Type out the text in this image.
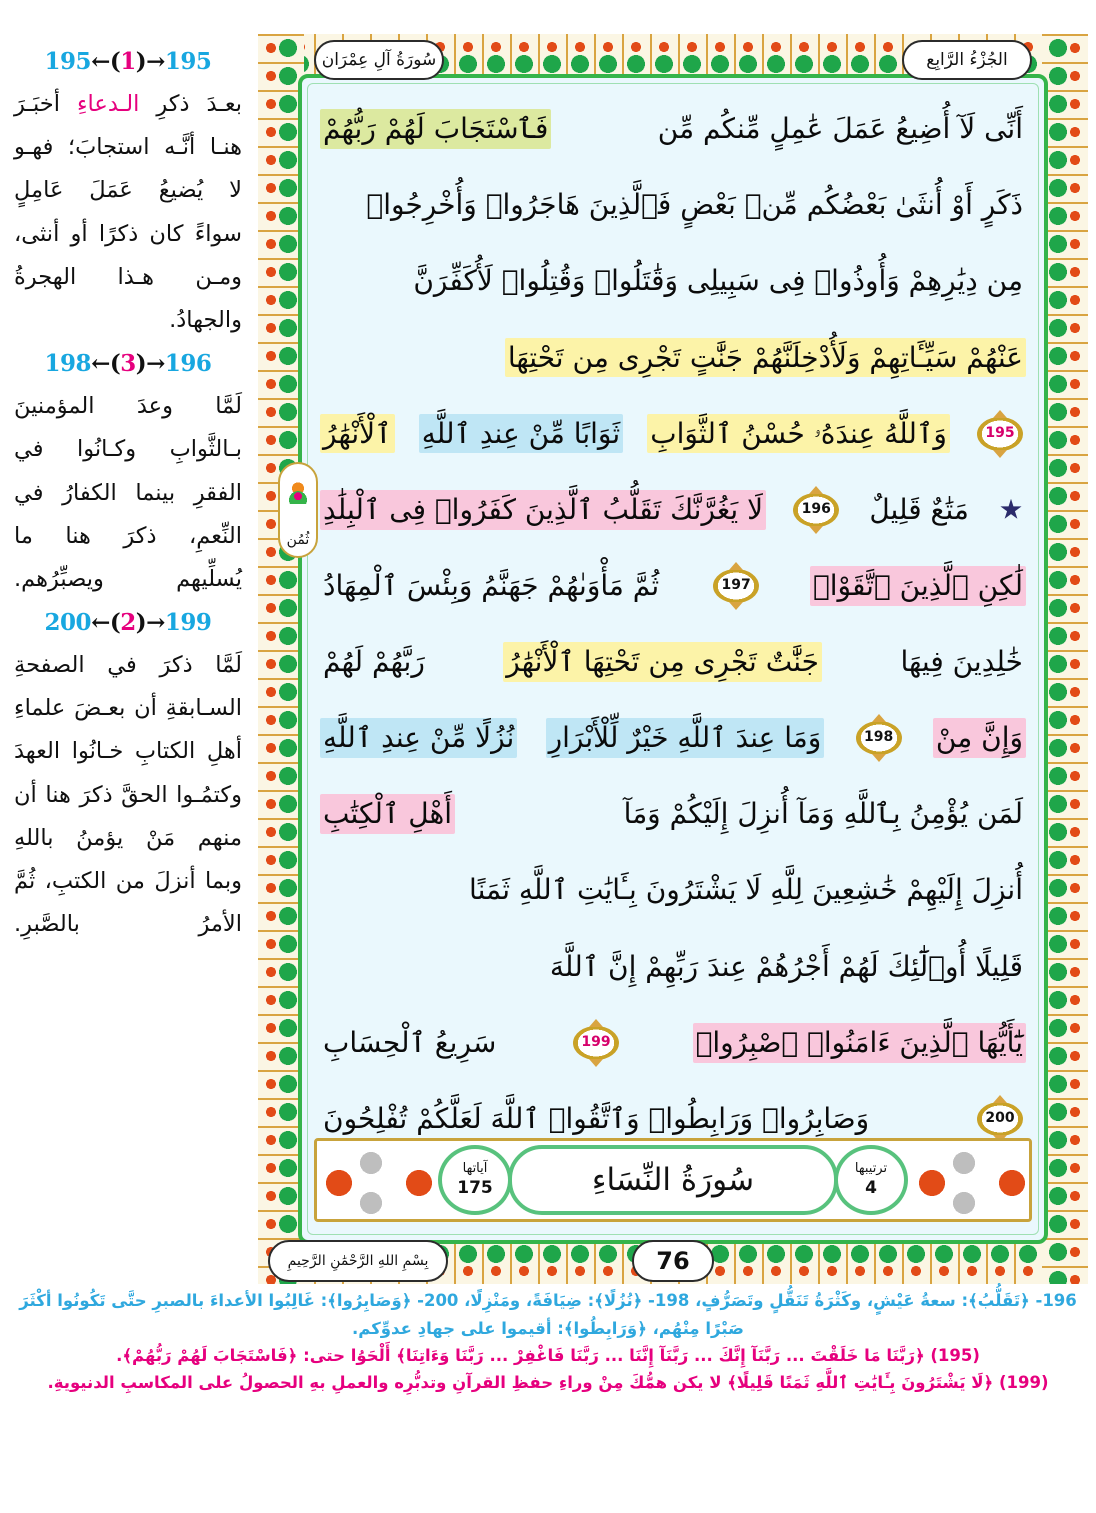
195←(1)→195
بعـدَ ذكرِ الـدعاءِ أخبَـرَ هنـا أنَّـه استجابَ؛ فهـو لا يُضيعُ عَمَلَ عَامِلٍ سواءً كان ذكرًا أو أنثى، ومـن هـذا الهجرةُ والجهادُ.
198←(3)→196
لَمَّا وعدَ المؤمنينَ بـالثَّوابِ وكـانُوا في الفقرِ بينما الكفارُ في النِّعمِ، ذكرَ هنا ما يُسلِّيهم ويصبِّرُهم.
200←(2)→199
لَمَّا ذكرَ في الصفحةِ السـابقةِ أن بعـضَ علماءِ أهلِ الكتابِ خـانُوا العهدَ وكتمُـوا الحقَّ ذكرَ هنا أن منهم مَنْ يؤمنُ باللهِ وبما أنزلَ من الكتبِ، ثُمَّ الأمرُ بالصَّبرِ.
سُورَةُ آلِ عِمْرَان	الجُزْءُ الرَّابِع
أَنِّى لَآ أُضِيعُ عَمَلَ عَٰمِلٍ مِّنكُم مِّن
فَٱسْتَجَابَ لَهُمْ رَبُّهُمْ
ذَكَرٍ أَوْ أُنثَىٰ بَعْضُكُم مِّنۢ بَعْضٍ فَٱلَّذِينَ هَاجَرُوا۟ وَأُخْرِجُوا۟
مِن دِيَٰرِهِمْ وَأُوذُوا۟ فِى سَبِيلِى وَقَٰتَلُوا۟ وَقُتِلُوا۟ لَأُكَفِّرَنَّ
عَنْهُمْ سَيِّـَٔاتِهِمْ وَلَأُدْخِلَنَّهُمْ جَنَّٰتٍ تَجْرِى مِن تَحْتِهَا
195
وَٱللَّهُ عِندَهُۥ حُسْنُ ٱلثَّوَابِ
ثَوَابًا مِّنْ عِندِ ٱللَّهِ
ٱلْأَنْهَٰرُ
مَتَٰعٌ قَلِيلٌ
196
لَا يَغُرَّنَّكَ تَقَلُّبُ ٱلَّذِينَ كَفَرُوا۟ فِى ٱلْبِلَٰدِ
لَٰكِنِ ٱلَّذِينَ ٱتَّقَوْا۟
197
ثُمَّ مَأْوَىٰهُمْ جَهَنَّمُ وَبِئْسَ ٱلْمِهَادُ
خَٰلِدِينَ فِيهَا
جَنَّٰتٌ تَجْرِى مِن تَحْتِهَا ٱلْأَنْهَٰرُ
رَبَّهُمْ لَهُمْ
وَإِنَّ مِنْ
198
وَمَا عِندَ ٱللَّهِ خَيْرٌ لِّلْأَبْرَارِ
نُزُلًا مِّنْ عِندِ ٱللَّهِ
لَمَن يُؤْمِنُ بِٱللَّهِ وَمَآ أُنزِلَ إِلَيْكُمْ وَمَآ
أَهْلِ ٱلْكِتَٰبِ
أُنزِلَ إِلَيْهِمْ خَٰشِعِينَ لِلَّهِ لَا يَشْتَرُونَ بِـَٔايَٰتِ ٱللَّهِ ثَمَنًا
قَلِيلًا أُو۟لَٰٓئِكَ لَهُمْ أَجْرُهُمْ عِندَ رَبِّهِمْ إِنَّ ٱللَّهَ
يَٰٓأَيُّهَا ٱلَّذِينَ ءَامَنُوا۟ ٱصْبِرُوا۟
199
سَرِيعُ ٱلْحِسَابِ
200
وَصَابِرُوا۟ وَرَابِطُوا۟ وَٱتَّقُوا۟ ٱللَّهَ لَعَلَّكُمْ تُفْلِحُونَ
ثُمُن
آياتها
175	سُورَةُ النِّسَاءِ	ترتيبها
4
بِسْمِ اللهِ الرَّحْمَٰنِ الرَّحِيمِ	76
196- ﴿تَقَلُّبُ﴾: سعةُ عَيْشٍ، وكَثْرَةُ تَنَقُّلٍ وتَصَرُّفٍ، 198- ﴿نُزُلًا﴾: ضِيَافَةً، ومَنْزِلًا، 200- ﴿وَصَابِرُوا﴾: غَالِبُوا الأعداءَ بالصبرِ حتَّى تَكُونُوا أكْثَرَ
صَبْرًا مِنْهُم، ﴿وَرَابِطُوا﴾: أقيموا على جهادِ عدوِّكم.
(195) ﴿رَبَّنَا مَا خَلَقْتَ ... رَبَّنَآ إِنَّكَ ... رَبَّنَآ إِنَّنَا ... رَبَّنَا فَاغْفِرْ ... رَبَّنَا وَءَاتِنَا﴾ أَلْحَوُا حتى: ﴿فَاسْتَجَابَ لَهُمْ رَبُّهُمْ﴾.
(199) ﴿لَا يَشْتَرُونَ بِـَٔايَٰتِ ٱللَّهِ ثَمَنًا قَلِيلًا﴾ لا يكن همُّكَ مِنْ وراءِ حفظِ القرآنِ وتدبُّرِه والعملِ بهِ الحصولُ على المكاسبِ الدنيويةِ.
